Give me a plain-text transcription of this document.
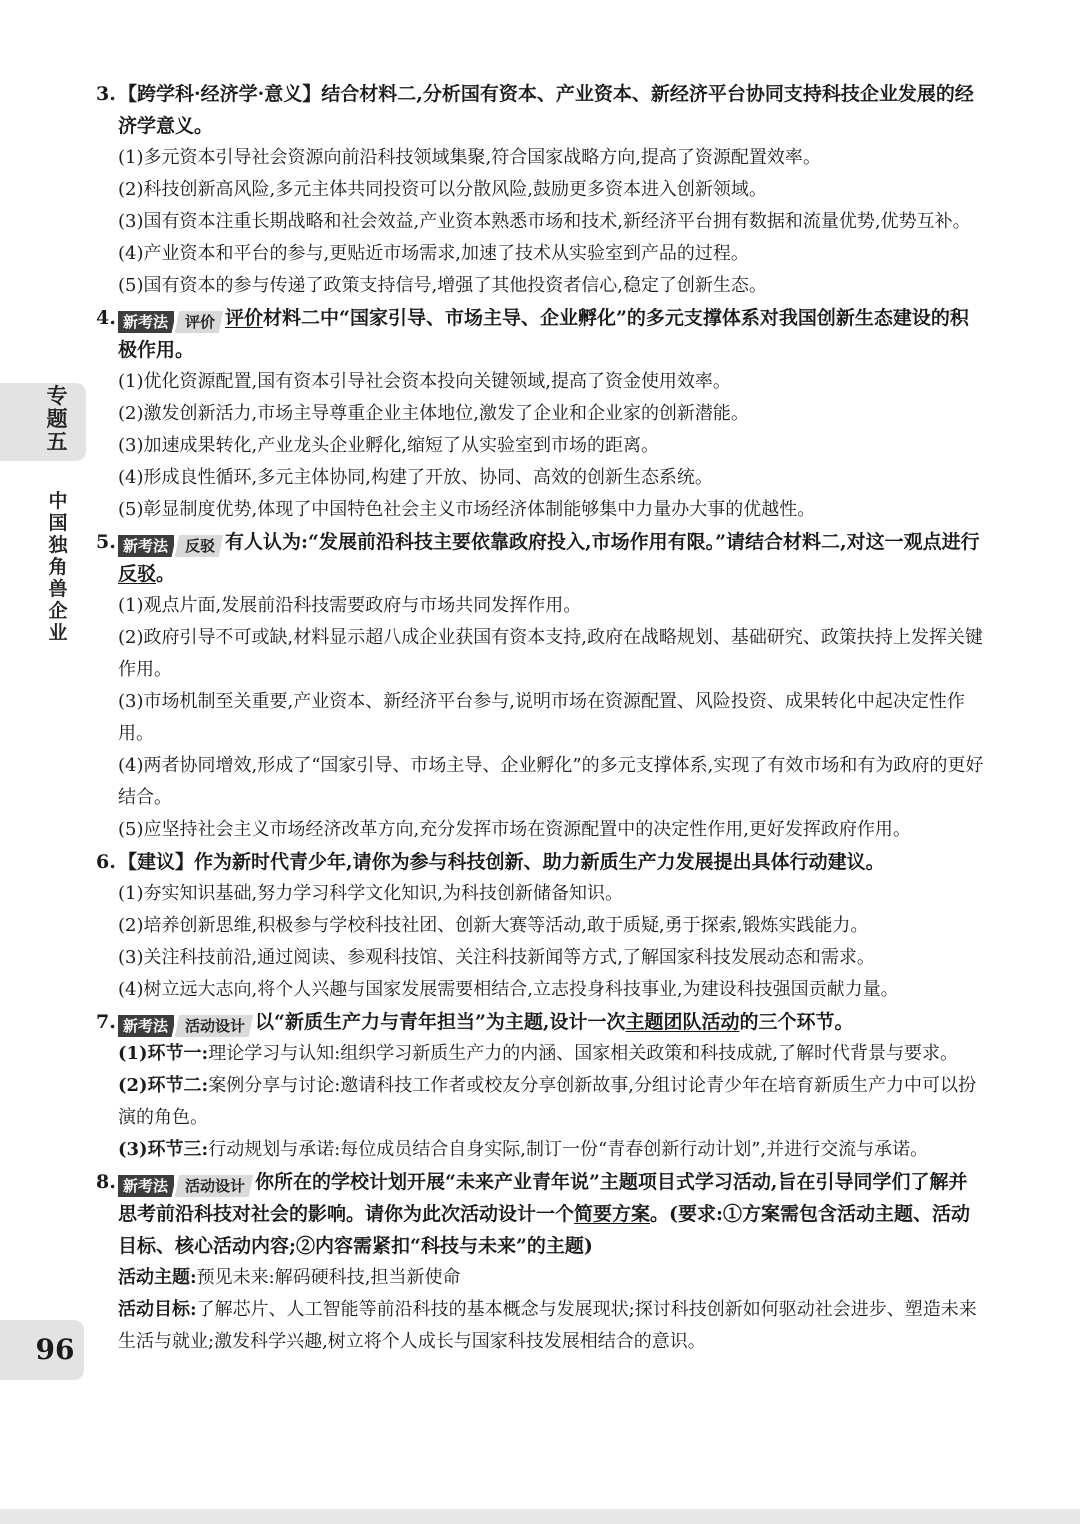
专题五
中国独角兽企业
96

3. 【跨学科·经济学·意义】结合材料二,分析国有资本、产业资本、新经济平台协同支持科技企业发展的经济学意义。

(1)多元资本引导社会资源向前沿科技领域集聚,符合国家战略方向,提高了资源配置效率。

(2)科技创新高风险,多元主体共同投资可以分散风险,鼓励更多资本进入创新领域。

(3)国有资本注重长期战略和社会效益,产业资本熟悉市场和技术,新经济平台拥有数据和流量优势,优势互补。

(4)产业资本和平台的参与,更贴近市场需求,加速了技术从实验室到产品的过程。

(5)国有资本的参与传递了政策支持信号,增强了其他投资者信心,稳定了创新生态。

4. 新考法	评价 评价材料二中“国家引导、市场主导、企业孵化”的多元支撑体系对我国创新生态建设的积极作用。

(1)优化资源配置,国有资本引导社会资本投向关键领域,提高了资金使用效率。

(2)激发创新活力,市场主导尊重企业主体地位,激发了企业和企业家的创新潜能。

(3)加速成果转化,产业龙头企业孵化,缩短了从实验室到市场的距离。

(4)形成良性循环,多元主体协同,构建了开放、协同、高效的创新生态系统。

(5)彰显制度优势,体现了中国特色社会主义市场经济体制能够集中力量办大事的优越性。

5. 新考法	反驳 有人认为:“发展前沿科技主要依靠政府投入,市场作用有限。”请结合材料二,对这一观点进行反驳。

(1)观点片面,发展前沿科技需要政府与市场共同发挥作用。

(2)政府引导不可或缺,材料显示超八成企业获国有资本支持,政府在战略规划、基础研究、政策扶持上发挥关键作用。

(3)市场机制至关重要,产业资本、新经济平台参与,说明市场在资源配置、风险投资、成果转化中起决定性作用。

(4)两者协同增效,形成了“国家引导、市场主导、企业孵化”的多元支撑体系,实现了有效市场和有为政府的更好结合。

(5)应坚持社会主义市场经济改革方向,充分发挥市场在资源配置中的决定性作用,更好发挥政府作用。

6. 【建议】作为新时代青少年,请你为参与科技创新、助力新质生产力发展提出具体行动建议。

(1)夯实知识基础,努力学习科学文化知识,为科技创新储备知识。

(2)培养创新思维,积极参与学校科技社团、创新大赛等活动,敢于质疑,勇于探索,锻炼实践能力。

(3)关注科技前沿,通过阅读、参观科技馆、关注科技新闻等方式,了解国家科技发展动态和需求。

(4)树立远大志向,将个人兴趣与国家发展需要相结合,立志投身科技事业,为建设科技强国贡献力量。

7. 新考法	活动设计 以“新质生产力与青年担当”为主题,设计一次主题团队活动的三个环节。

(1)环节一:理论学习与认知:组织学习新质生产力的内涵、国家相关政策和科技成就,了解时代背景与要求。

(2)环节二:案例分享与讨论:邀请科技工作者或校友分享创新故事,分组讨论青少年在培育新质生产力中可以扮演的角色。

(3)环节三:行动规划与承诺:每位成员结合自身实际,制订一份“青春创新行动计划”,并进行交流与承诺。

8. 新考法	活动设计 你所在的学校计划开展“未来产业青年说”主题项目式学习活动,旨在引导同学们了解并思考前沿科技对社会的影响。请你为此次活动设计一个简要方案。(要求:①方案需包含活动主题、活动目标、核心活动内容;②内容需紧扣“科技与未来”的主题)

活动主题:预见未来:解码硬科技,担当新使命

活动目标:了解芯片、人工智能等前沿科技的基本概念与发展现状;探讨科技创新如何驱动社会进步、塑造未来生活与就业;激发科学兴趣,树立将个人成长与国家科技发展相结合的意识。
